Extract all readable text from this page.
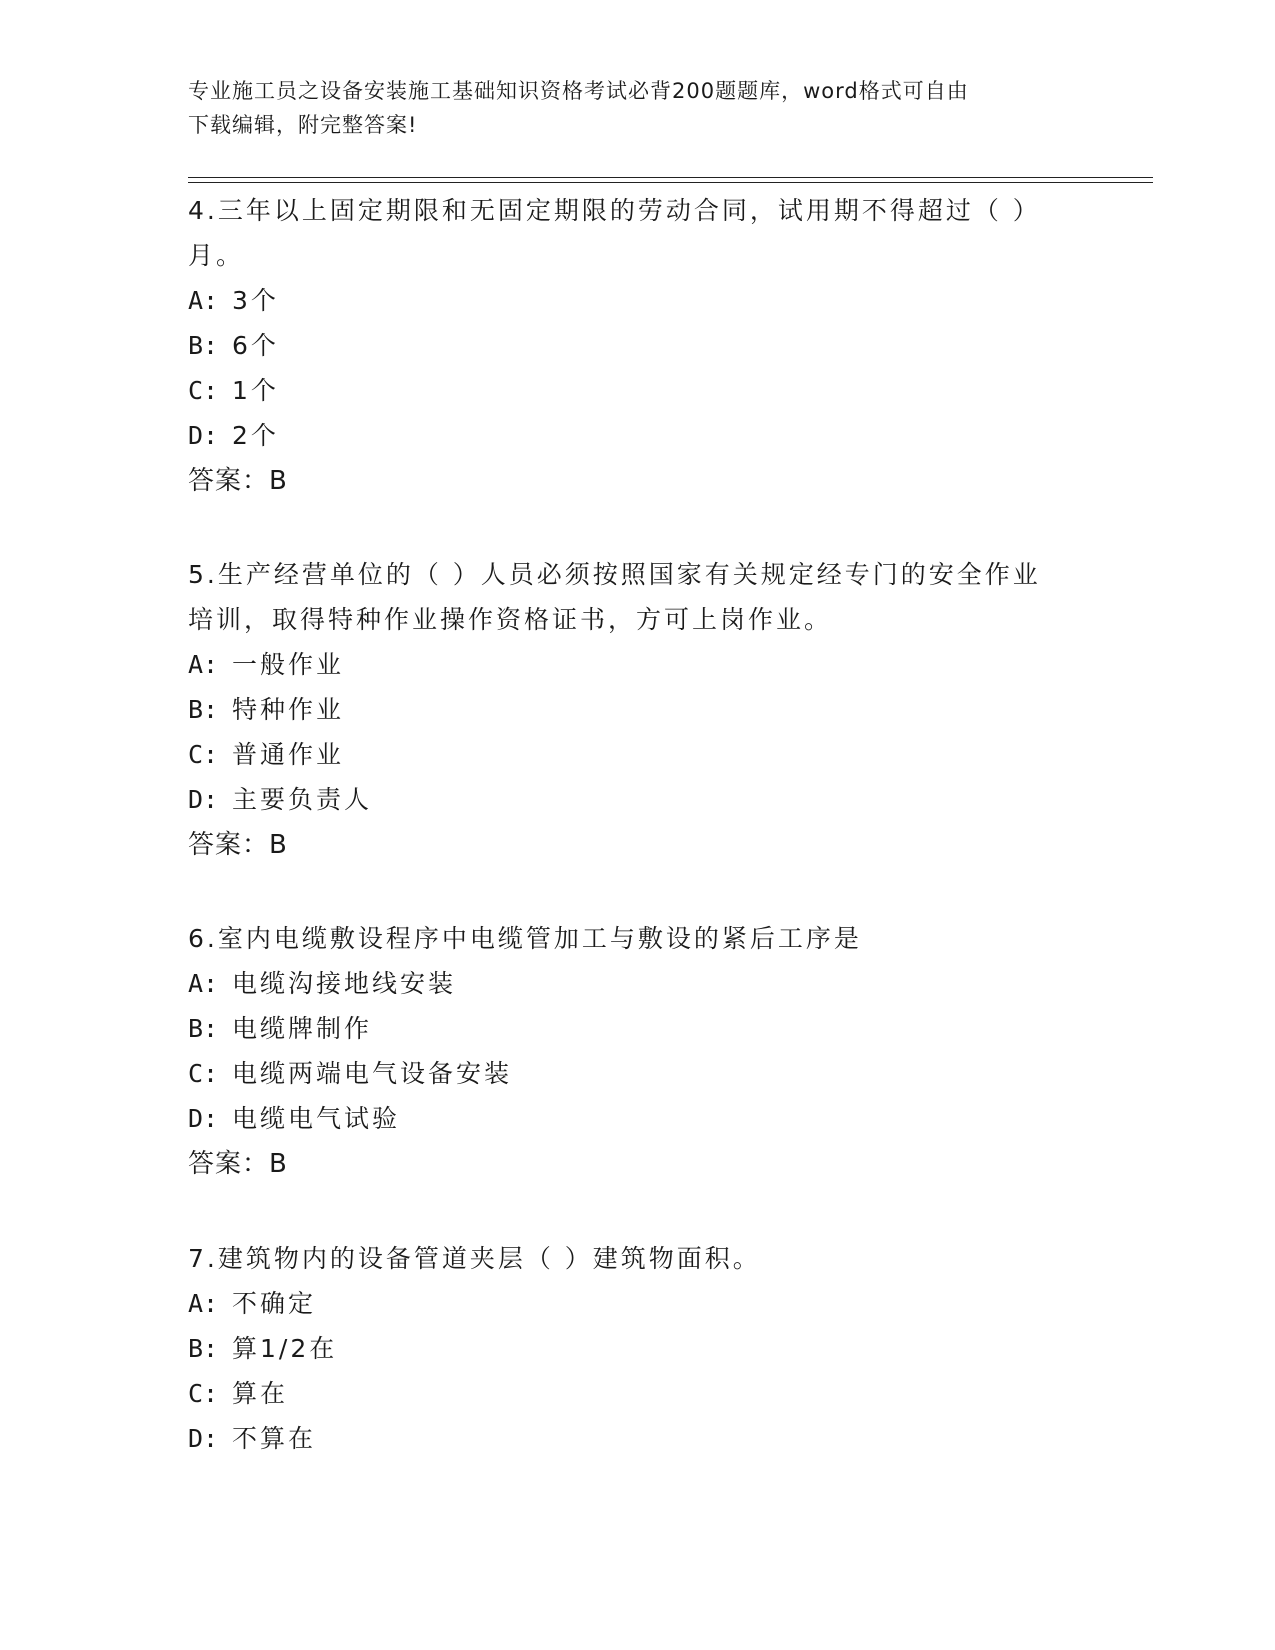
专业施工员之设备安装施工基础知识资格考试必背200题题库，word格式可自由
下载编辑，附完整答案!

4.三年以上固定期限和无固定期限的劳动合同，试用期不得超过（ ）

月。

A: 3个

B: 6个

C: 1个

D: 2个

答案：B

5.生产经营单位的（ ）人员必须按照国家有关规定经专门的安全作业

培训，取得特种作业操作资格证书，方可上岗作业。

A: 一般作业

B: 特种作业

C: 普通作业

D: 主要负责人

答案：B

6.室内电缆敷设程序中电缆管加工与敷设的紧后工序是

A: 电缆沟接地线安装

B: 电缆牌制作

C: 电缆两端电气设备安装

D: 电缆电气试验

答案：B

7.建筑物内的设备管道夹层（ ）建筑物面积。

A: 不确定

B: 算1/2在

C: 算在

D: 不算在
